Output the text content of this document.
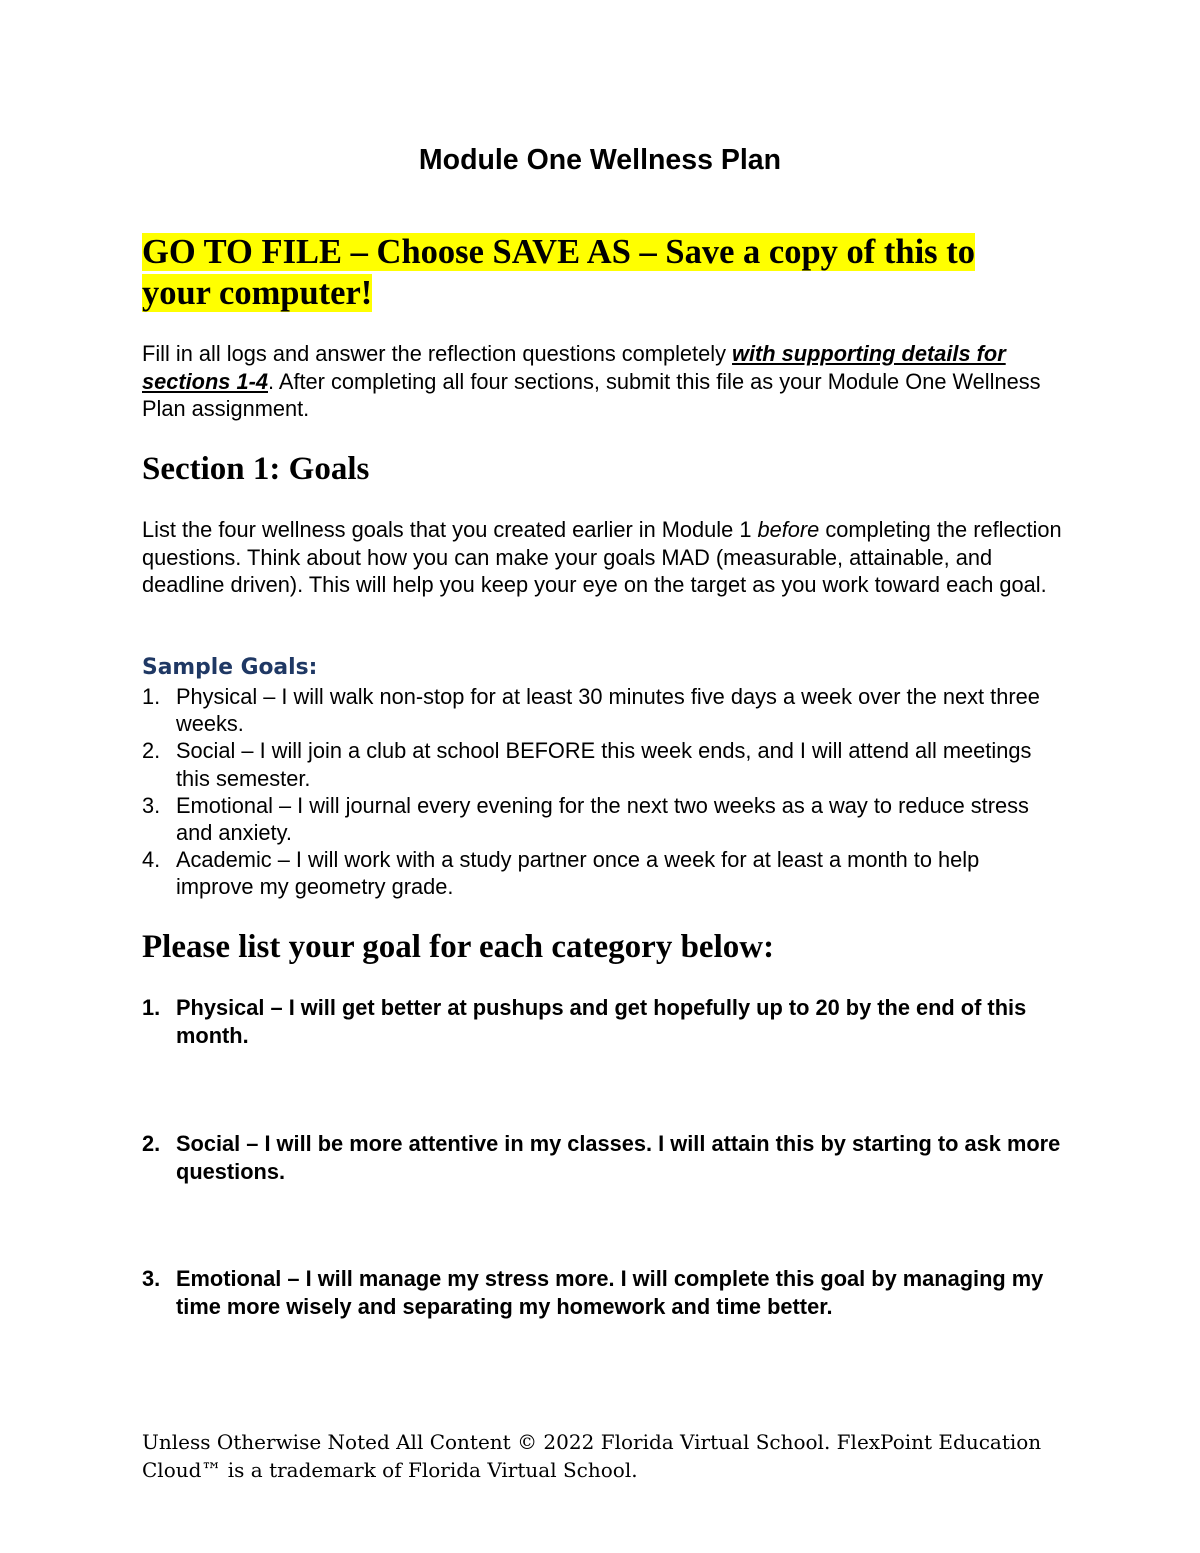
Module One Wellness Plan
GO TO FILE – Choose SAVE AS – Save a copy of this to
your computer!
Fill in all logs and answer the reflection questions completely with supporting details for sections 1-4. After completing all four sections, submit this file as your Module One Wellness Plan assignment.
Section 1: Goals
List the four wellness goals that you created earlier in Module 1 before completing the reflection questions. Think about how you can make your goals MAD (measurable, attainable, and deadline driven). This will help you keep your eye on the target as you work toward each goal.
Sample Goals:
1. Physical – I will walk non-stop for at least 30 minutes five days a week over the next three weeks.
2. Social – I will join a club at school BEFORE this week ends, and I will attend all meetings this semester.
3. Emotional – I will journal every evening for the next two weeks as a way to reduce stress and anxiety.
4. Academic – I will work with a study partner once a week for at least a month to help improve my geometry grade.
Please list your goal for each category below:
1. Physical – I will get better at pushups and get hopefully up to 20 by the end of this month.
2. Social – I will be more attentive in my classes. I will attain this by starting to ask more questions.
3. Emotional – I will manage my stress more. I will complete this goal by managing my time more wisely and separating my homework and time better.
Unless Otherwise Noted All Content © 2022 Florida Virtual School. FlexPoint Education
Cloud™ is a trademark of Florida Virtual School.
